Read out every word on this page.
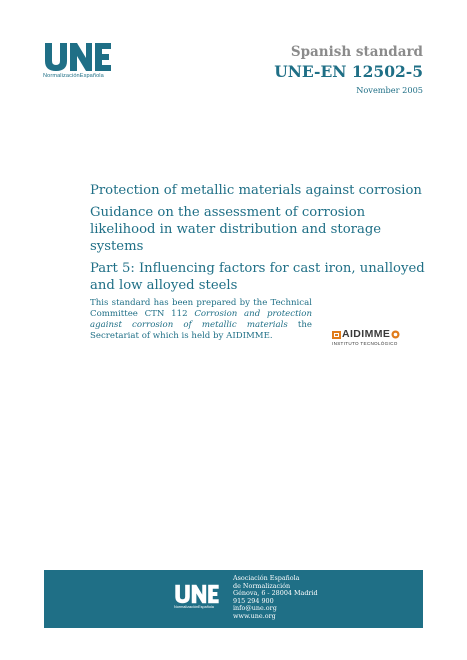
NormalizaciónEspañola
Spanish standard
UNE-EN 12502-5
November 2005

Protection of metallic materials against corrosion

Guidance on the assessment of corrosion likelihood in water distribution and storage systems

Part 5: Influencing factors for cast iron, unalloyed and low alloyed steels

This standard has been prepared by the Technical Committee CTN 112 Corrosion and protection against corrosion of metallic materials the Secretariat of which is held by AIDIMME.	AIDIMME
INSTITUTO TECNOLÓGICO
NormalizaciónEspañola
Asociación Española
de Normalización
Génova, 6 - 28004 Madrid
915 294 900
info@une.org
www.une.org
